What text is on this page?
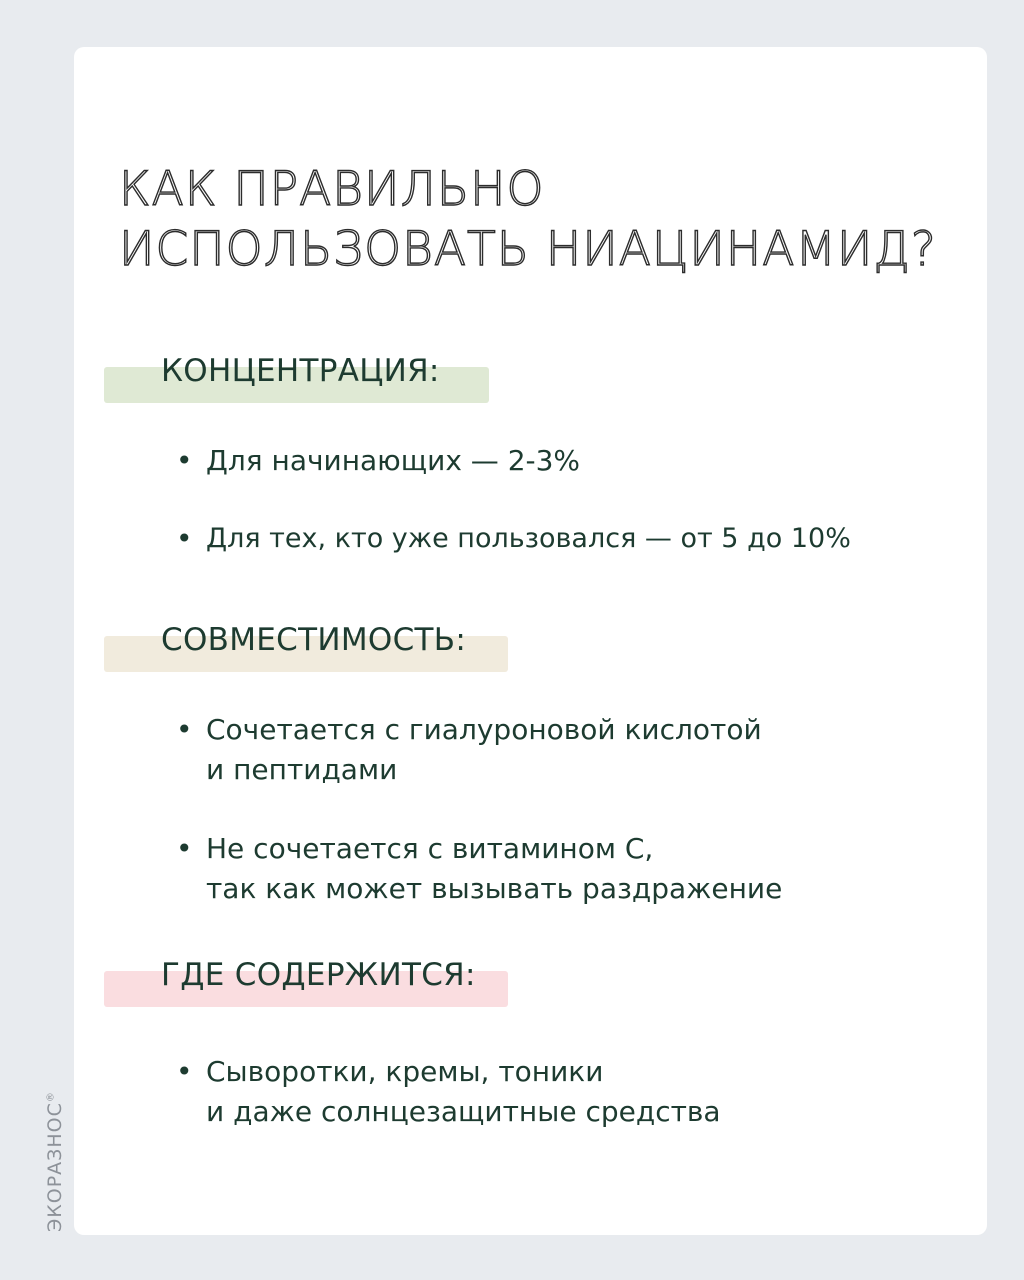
КАК ПРАВИЛЬНО
ИСПОЛЬЗОВАТЬ НИАЦИНАМИД?
КОНЦЕНТРАЦИЯ:
• Для начинающих — 2-3%
• Для тех, кто уже пользовался — от 5 до 10%
СОВМЕСТИМОСТЬ:
• Сочетается с гиалуроновой кислотой
и пептидами
• Не сочетается с витамином С,
так как может вызывать раздражение
ГДЕ СОДЕРЖИТСЯ:
• Сыворотки, кремы, тоники
и даже солнцезащитные средства
ЭКОРАЗНОС®
